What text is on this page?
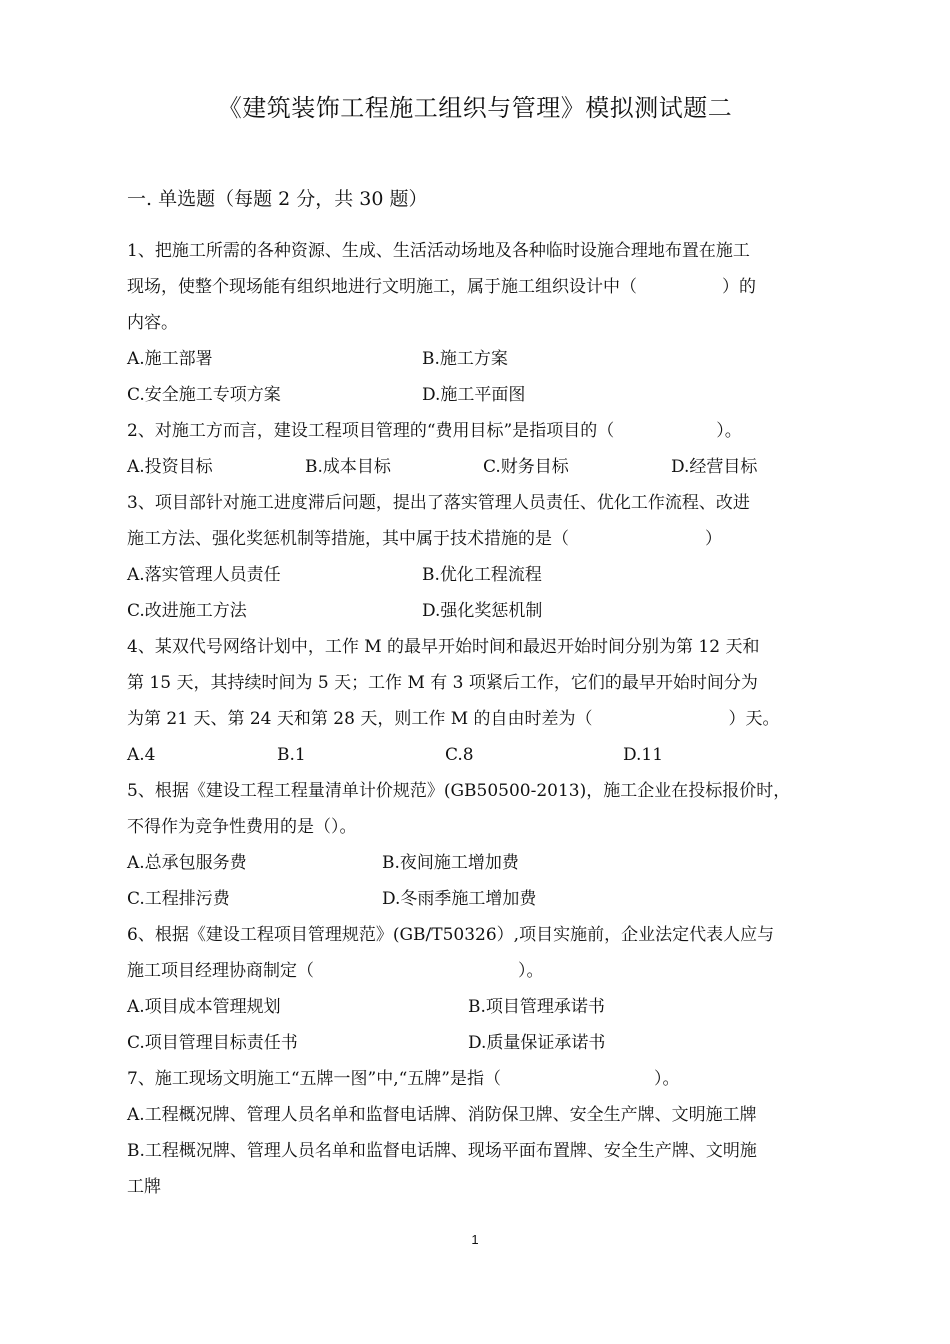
《建筑装饰工程施工组织与管理》模拟测试题二
一. 单选题（每题 2 分，共 30 题）
1、把施工所需的各种资源、生成、生活活动场地及各种临时设施合理地布置在施工
现场，使整个现场能有组织地进行文明施工，属于施工组织设计中（　　　　　）的
内容。
A.施工部署	B.施工方案
C.安全施工专项方案	D.施工平面图
2、对施工方而言，建设工程项目管理的“费用目标”是指项目的（　　　　　　）。
A.投资目标	B.成本目标	C.财务目标	D.经营目标
3、项目部针对施工进度滞后问题，提出了落实管理人员责任、优化工作流程、改进
施工方法、强化奖惩机制等措施，其中属于技术措施的是（　　　　　　　　）
A.落实管理人员责任	B.优化工程流程
C.改进施工方法	D.强化奖惩机制
4、某双代号网络计划中，工作 M 的最早开始时间和最迟开始时间分别为第 12 天和
第 15 天，其持续时间为 5 天；工作 M 有 3 项紧后工作，它们的最早开始时间分为
为第 21 天、第 24 天和第 28 天，则工作 M 的自由时差为（　　　　　　　　）天。
A.4	B.1	C.8	D.11
5、根据《建设工程工程量清单计价规范》(GB50500-2013)，施工企业在投标报价时，
不得作为竞争性费用的是（）。
A.总承包服务费	B.夜间施工增加费
C.工程排污费	D.冬雨季施工增加费
6、根据《建设工程项目管理规范》(GB/T50326）,项目实施前，企业法定代表人应与
施工项目经理协商制定（　　　　　　　　　　　　）。
A.项目成本管理规划	B.项目管理承诺书
C.项目管理目标责任书	D.质量保证承诺书
7、施工现场文明施工“五牌一图”中,“五牌”是指（　　　　　　　　　）。
A.工程概况牌、管理人员名单和监督电话牌、消防保卫牌、安全生产牌、文明施工牌
B.工程概况牌、管理人员名单和监督电话牌、现场平面布置牌、安全生产牌、文明施
工牌
1
